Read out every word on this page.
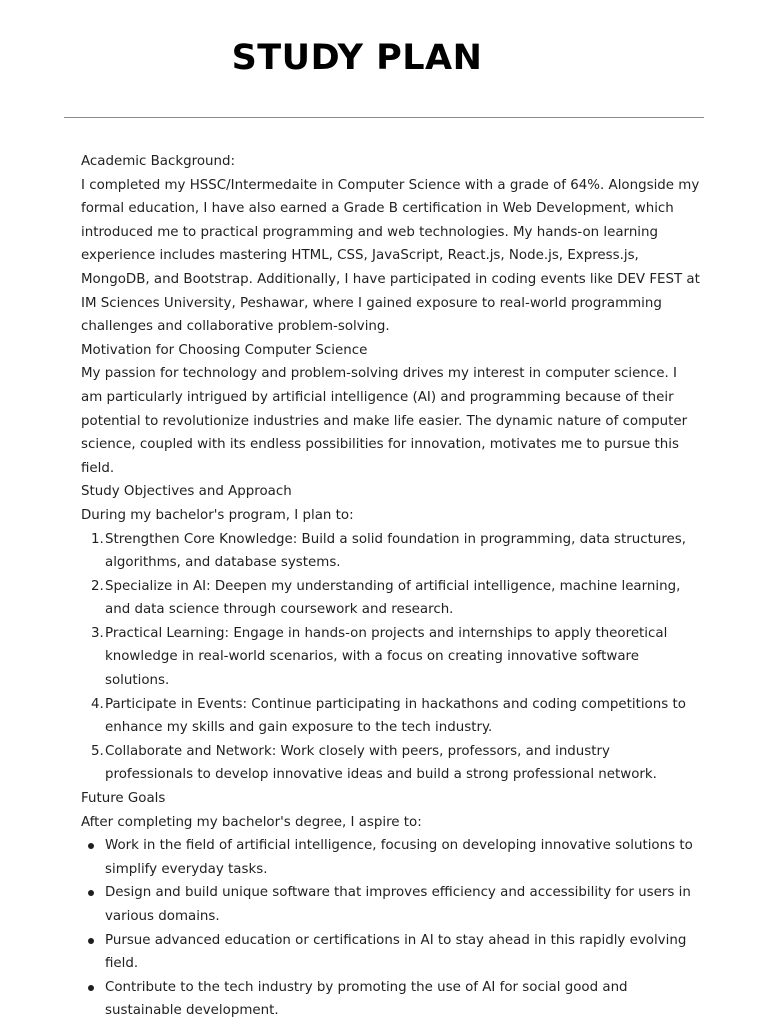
STUDY PLAN

Academic Background:

I completed my HSSC/Intermedaite in Computer Science with a grade of 64%. Alongside my formal education, I have also earned a Grade B certification in Web Development, which introduced me to practical programming and web technologies. My hands-on learning experience includes mastering HTML, CSS, JavaScript, React.js, Node.js, Express.js, MongoDB, and Bootstrap. Additionally, I have participated in coding events like DEV FEST at IM Sciences University, Peshawar, where I gained exposure to real-world programming challenges and collaborative problem-solving.

Motivation for Choosing Computer Science

My passion for technology and problem-solving drives my interest in computer science. I am particularly intrigued by artificial intelligence (AI) and programming because of their potential to revolutionize industries and make life easier. The dynamic nature of computer science, coupled with its endless possibilities for innovation, motivates me to pursue this field.

Study Objectives and Approach

During my bachelor's program, I plan to:

1. Strengthen Core Knowledge: Build a solid foundation in programming, data structures, algorithms, and database systems.
2. Specialize in AI: Deepen my understanding of artificial intelligence, machine learning, and data science through coursework and research.
3. Practical Learning: Engage in hands-on projects and internships to apply theoretical knowledge in real-world scenarios, with a focus on creating innovative software solutions.
4. Participate in Events: Continue participating in hackathons and coding competitions to enhance my skills and gain exposure to the tech industry.
5. Collaborate and Network: Work closely with peers, professors, and industry professionals to develop innovative ideas and build a strong professional network.

Future Goals

After completing my bachelor's degree, I aspire to:

Work in the field of artificial intelligence, focusing on developing innovative solutions to simplify everyday tasks.
Design and build unique software that improves efficiency and accessibility for users in various domains.
Pursue advanced education or certifications in AI to stay ahead in this rapidly evolving field.
Contribute to the tech industry by promoting the use of AI for social good and sustainable development.
